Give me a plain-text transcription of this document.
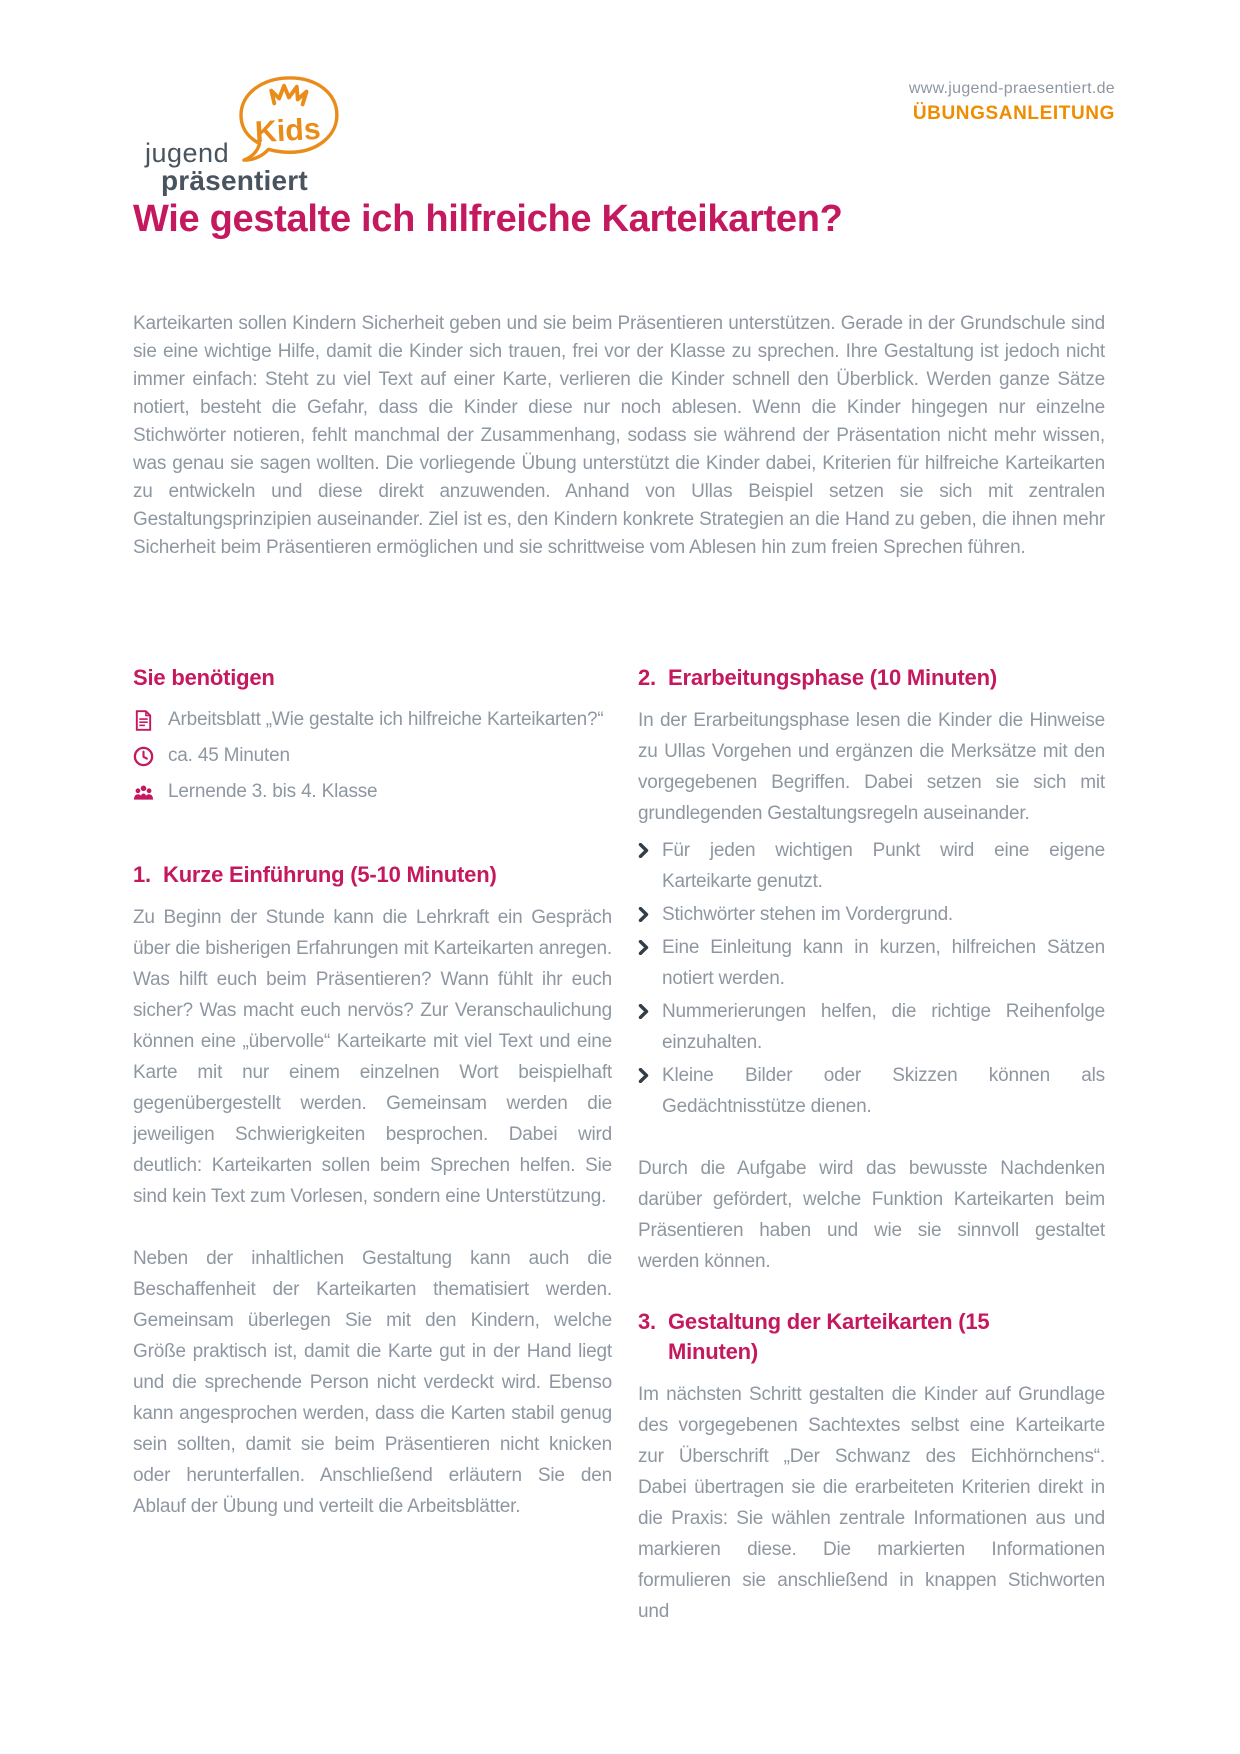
jugend
präsentiert
Kids
www.jugend-praesentiert.de
ÜBUNGSANLEITUNG
Wie gestalte ich hilfreiche Karteikarten?

Karteikarten sollen Kindern Sicherheit geben und sie beim Präsentieren unterstützen. Gerade in der Grundschule sind sie eine wichtige Hilfe, damit die Kinder sich trauen, frei vor der Klasse zu sprechen. Ihre Gestaltung ist jedoch nicht immer einfach: Steht zu viel Text auf einer Karte, verlieren die Kinder schnell den Überblick. Werden ganze Sätze notiert, besteht die Gefahr, dass die Kinder diese nur noch ablesen. Wenn die Kinder hingegen nur einzelne Stichwörter notieren, fehlt manchmal der Zusammenhang, sodass sie während der Präsentation nicht mehr wissen, was genau sie sagen wollten. Die vorliegende Übung unterstützt die Kinder dabei, Kriterien für hilfreiche Karteikarten zu entwickeln und diese direkt anzuwenden. Anhand von Ullas Beispiel setzen sie sich mit zentralen Gestaltungsprinzipien auseinander. Ziel ist es, den Kindern konkrete Strategien an die Hand zu geben, die ihnen mehr Sicherheit beim Präsentieren ermöglichen und sie schrittweise vom Ablesen hin zum freien Sprechen führen.

Sie benötigen
Arbeitsblatt „Wie gestalte ich hilfreiche Karteikarten?“
ca. 45 Minuten
Lernende 3. bis 4. Klasse
1. Kurze Einführung (5-10 Minuten)

Zu Beginn der Stunde kann die Lehrkraft ein Gespräch über die bisherigen Erfahrungen mit Karteikarten anregen. Was hilft euch beim Präsentieren? Wann fühlt ihr euch sicher? Was macht euch nervös? Zur Veranschaulichung können eine „übervolle“ Karteikarte mit viel Text und eine Karte mit nur einem einzelnen Wort beispielhaft gegenübergestellt werden. Gemeinsam werden die jeweiligen Schwierigkeiten besprochen. Dabei wird deutlich: Karteikarten sollen beim Sprechen helfen. Sie sind kein Text zum Vorlesen, sondern eine Unterstützung.

Neben der inhaltlichen Gestaltung kann auch die Beschaffenheit der Karteikarten thematisiert werden. Gemeinsam überlegen Sie mit den Kindern, welche Größe praktisch ist, damit die Karte gut in der Hand liegt und die sprechende Person nicht verdeckt wird. Ebenso kann angesprochen werden, dass die Karten stabil genug sein sollten, damit sie beim Präsentieren nicht knicken oder herunterfallen. Anschließend erläutern Sie den Ablauf der Übung und verteilt die Arbeitsblätter.

2. Erarbeitungsphase (10 Minuten)

In der Erarbeitungsphase lesen die Kinder die Hinweise zu Ullas Vorgehen und ergänzen die Merksätze mit den vorgegebenen Begriffen. Dabei setzen sie sich mit grundlegenden Gestaltungsregeln auseinander.

Für jeden wichtigen Punkt wird eine eigene Karteikarte genutzt.
Stichwörter stehen im Vordergrund.
Eine Einleitung kann in kurzen, hilfreichen Sätzen notiert werden.
Nummerierungen helfen, die richtige Reihenfolge einzuhalten.
Kleine Bilder oder Skizzen können als Gedächtnisstütze dienen.

Durch die Aufgabe wird das bewusste Nachdenken darüber gefördert, welche Funktion Karteikarten beim Präsentieren haben und wie sie sinnvoll gestaltet werden können.

3. Gestaltung der Karteikarten (15 Minuten)

Im nächsten Schritt gestalten die Kinder auf Grundlage des vorgegebenen Sachtextes selbst eine Karteikarte zur Überschrift „Der Schwanz des Eichhörnchens“. Dabei übertragen sie die erarbeiteten Kriterien direkt in die Praxis: Sie wählen zentrale Informationen aus und markieren diese. Die markierten Informationen formulieren sie anschließend in knappen Stichworten und
